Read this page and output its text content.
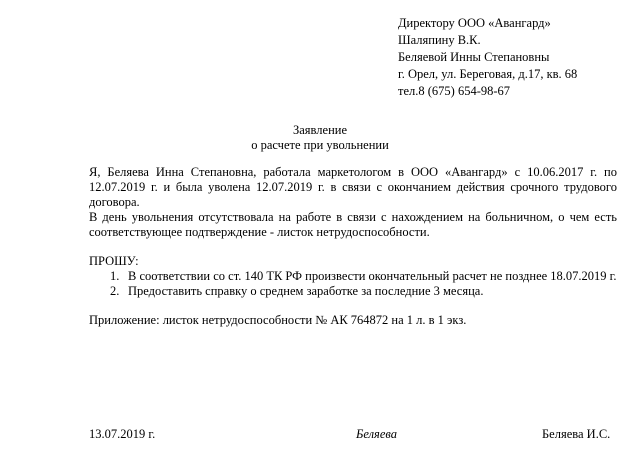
Директору ООО «Авангард»
Шаляпину В.К.
Беляевой Инны Степановны
г. Орел, ул. Береговая, д.17, кв. 68
тел.8 (675) 654-98-67
Заявление
о расчете при увольнении
Я, Беляева Инна Степановна, работала маркетологом в ООО «Авангард» с 10.06.2017 г. по 12.07.2019 г. и была уволена 12.07.2019 г. в связи с окончанием действия срочного трудового договора.
В день увольнения отсутствовала на работе в связи с нахождением на больничном, о чем есть соответствующее подтверждение - листок нетрудоспособности.
ПРОШУ:
1. В соответствии со ст. 140 ТК РФ произвести окончательный расчет не позднее 18.07.2019 г.
2. Предоставить справку о среднем заработке за последние 3 месяца.
Приложение: листок нетрудоспособности № АК 764872 на 1 л. в 1 экз.
13.07.2019 г.	Беляева	Беляева И.С.
